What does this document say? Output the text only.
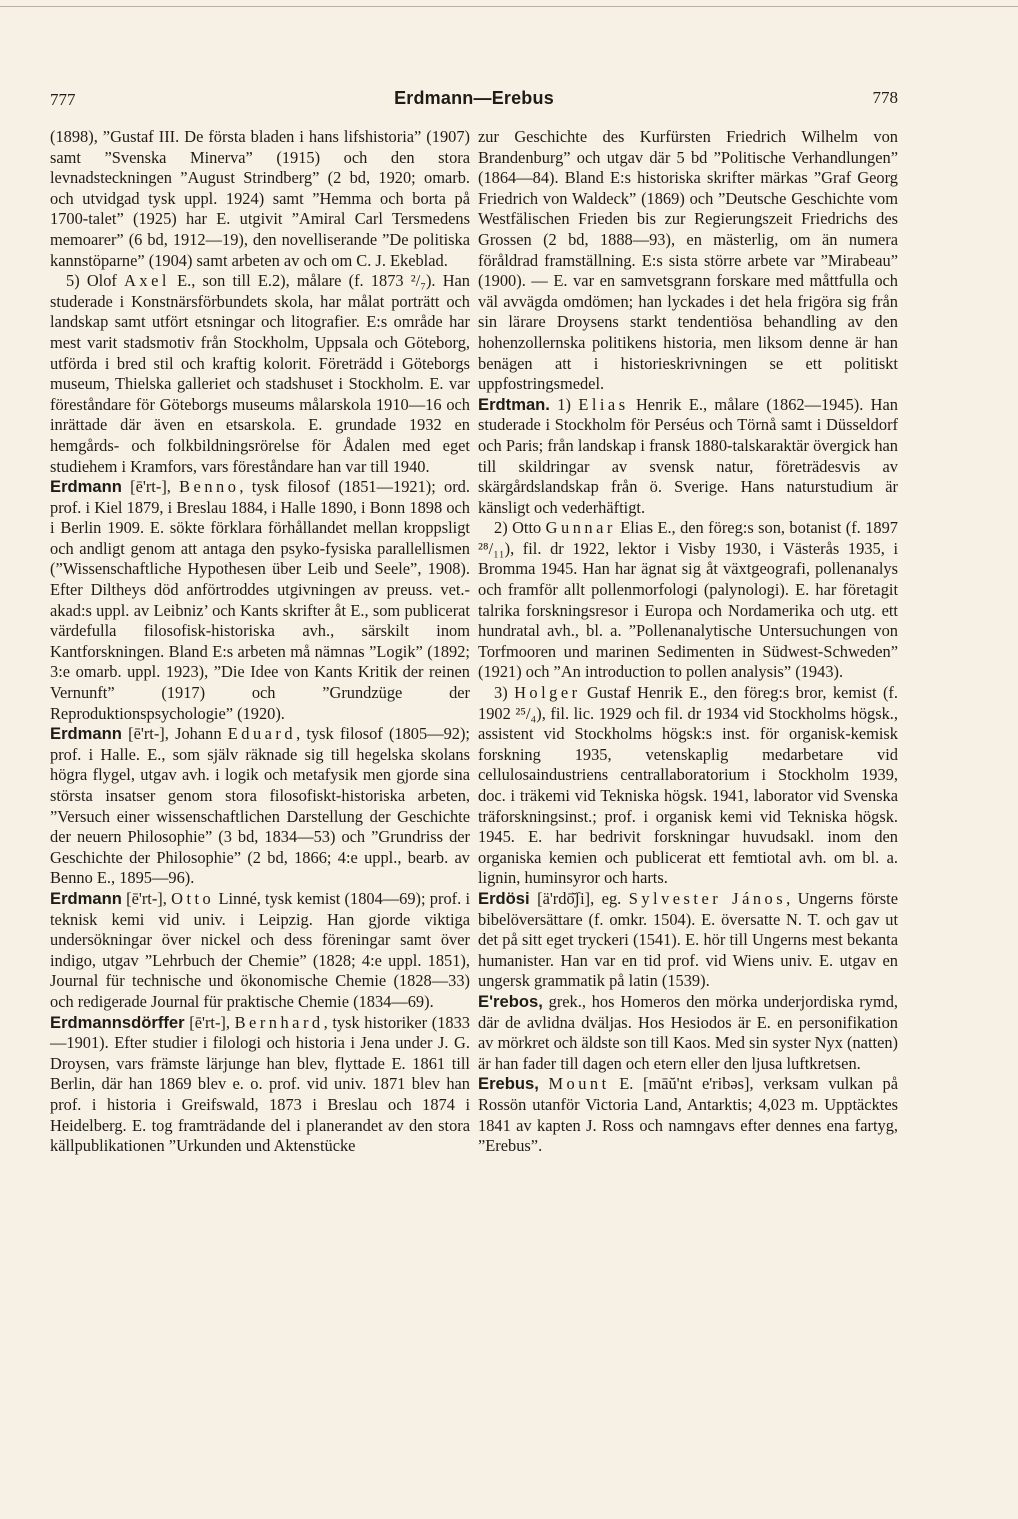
777	Erdmann—Erebus	778

(1898), ”Gustaf III. De första bladen i hans lifshistoria” (1907) samt ”Svenska Minerva” (1915) och den stora levnadsteckningen ”August Strindberg” (2 bd, 1920; omarb. och utvidgad tysk uppl. 1924) samt ”Hemma och borta på 1700-talet” (1925) har E. utgivit ”Amiral Carl Tersmedens memoarer” (6 bd, 1912—19), den novelliserande ”De politiska kannstöparne” (1904) samt arbeten av och om C. J. Ekeblad.

5) Olof Axel E., son till E.2), målare (f. 1873 ²/₇). Han studerade i Konstnärsförbundets skola, har målat porträtt och landskap samt utfört etsningar och litografier. E:s område har mest varit stadsmotiv från Stockholm, Uppsala och Göteborg, utförda i bred stil och kraftig kolorit. Företrädd i Göteborgs museum, Thielska galleriet och stadshuset i Stockholm. E. var föreståndare för Göteborgs museums målarskola 1910—16 och inrättade där även en etsarskola. E. grundade 1932 en hemgårds- och folkbildningsrörelse för Ådalen med eget studiehem i Kramfors, vars föreståndare han var till 1940.

Erdmann [ē'rt-], Benno, tysk filosof (1851—1921); ord. prof. i Kiel 1879, i Breslau 1884, i Halle 1890, i Bonn 1898 och i Berlin 1909. E. sökte förklara förhållandet mellan kroppsligt och andligt genom att antaga den psyko-fysiska parallellismen (”Wissenschaftliche Hypothesen über Leib und Seele”, 1908). Efter Diltheys död anförtroddes utgivningen av preuss. vet.-akad:s uppl. av Leibniz’ och Kants skrifter åt E., som publicerat värdefulla filosofisk-historiska avh., särskilt inom Kantforskningen. Bland E:s arbeten må nämnas ”Logik” (1892; 3:e omarb. uppl. 1923), ”Die Idee von Kants Kritik der reinen Vernunft” (1917) och ”Grundzüge der Reproduktionspsychologie” (1920).

Erdmann [ē'rt-], Johann Eduard, tysk filosof (1805—92); prof. i Halle. E., som själv räknade sig till hegelska skolans högra flygel, utgav avh. i logik och metafysik men gjorde sina största insatser genom stora filosofiskt-historiska arbeten, ”Versuch einer wissenschaftlichen Darstellung der Geschichte der neuern Philosophie” (3 bd, 1834—53) och ”Grundriss der Geschichte der Philosophie” (2 bd, 1866; 4:e uppl., bearb. av Benno E., 1895—96).

Erdmann [ē'rt-], Otto Linné, tysk kemist (1804—69); prof. i teknisk kemi vid univ. i Leipzig. Han gjorde viktiga undersökningar över nickel och dess föreningar samt över indigo, utgav ”Lehrbuch der Chemie” (1828; 4:e uppl. 1851), Journal für technische und ökonomische Chemie (1828—33) och redigerade Journal für praktische Chemie (1834—69).

Erdmannsdörffer [ē'rt-], Bernhard, tysk historiker (1833—1901). Efter studier i filologi och historia i Jena under J. G. Droysen, vars främste lärjunge han blev, flyttade E. 1861 till Berlin, där han 1869 blev e. o. prof. vid univ. 1871 blev han prof. i historia i Greifswald, 1873 i Breslau och 1874 i Heidelberg. E. tog framträdande del i planerandet av den stora källpublikationen ”Urkunden und Aktenstücke

zur Geschichte des Kurfürsten Friedrich Wilhelm von Brandenburg” och utgav där 5 bd ”Politische Verhandlungen” (1864—84). Bland E:s historiska skrifter märkas ”Graf Georg Friedrich von Waldeck” (1869) och ”Deutsche Geschichte vom Westfälischen Frieden bis zur Regierungszeit Friedrichs des Grossen (2 bd, 1888—93), en mästerlig, om än numera föråldrad framställning. E:s sista större arbete var ”Mirabeau” (1900). — E. var en samvetsgrann forskare med måttfulla och väl avvägda omdömen; han lyckades i det hela frigöra sig från sin lärare Droysens starkt tendentiösa behandling av den hohenzollernska politikens historia, men liksom denne är han benägen att i historieskrivningen se ett politiskt uppfostringsmedel.

Erdtman. 1) Elias Henrik E., målare (1862—1945). Han studerade i Stockholm för Perséus och Törnå samt i Düsseldorf och Paris; från landskap i fransk 1880-talskaraktär övergick han till skildringar av svensk natur, företrädesvis av skärgårdslandskap från ö. Sverige. Hans naturstudium är känsligt och vederhäftigt.

2) Otto Gunnar Elias E., den föreg:s son, botanist (f. 1897 ²⁸/₁₁), fil. dr 1922, lektor i Visby 1930, i Västerås 1935, i Bromma 1945. Han har ägnat sig åt växtgeografi, pollenanalys och framför allt pollenmorfologi (palynologi). E. har företagit talrika forskningsresor i Europa och Nordamerika och utg. ett hundratal avh., bl. a. ”Pollenanalytische Untersuchungen von Torfmooren und marinen Sedimenten in Südwest-Schweden” (1921) och ”An introduction to pollen analysis” (1943).

3) Holger Gustaf Henrik E., den föreg:s bror, kemist (f. 1902 ²⁵/₄), fil. lic. 1929 och fil. dr 1934 vid Stockholms högsk., assistent vid Stockholms högsk:s inst. för organisk-kemisk forskning 1935, vetenskaplig medarbetare vid cellulosaindustriens centrallaboratorium i Stockholm 1939, doc. i träkemi vid Tekniska högsk. 1941, laborator vid Svenska träforskningsinst.; prof. i organisk kemi vid Tekniska högsk. 1945. E. har bedrivit forskningar huvudsakl. inom den organiska kemien och publicerat ett femtiotal avh. om bl. a. lignin, huminsyror och harts.

Erdösi [ä'rdō̆ʃi], eg. Sylvester János, Ungerns förste bibelöversättare (f. omkr. 1504). E. översatte N. T. och gav ut det på sitt eget tryckeri (1541). E. hör till Ungerns mest bekanta humanister. Han var en tid prof. vid Wiens univ. E. utgav en ungersk grammatik på latin (1539).

E'rebos, grek., hos Homeros den mörka underjordiska rymd, där de avlidna dväljas. Hos Hesiodos är E. en personifikation av mörkret och äldste son till Kaos. Med sin syster Nyx (natten) är han fader till dagen och etern eller den ljusa luftkretsen.

Erebus, Mount E. [māŭ'nt e'ribəs], verksam vulkan på Rossön utanför Victoria Land, Antarktis; 4,023 m. Upptäcktes 1841 av kapten J. Ross och namngavs efter dennes ena fartyg, ”Erebus”.
